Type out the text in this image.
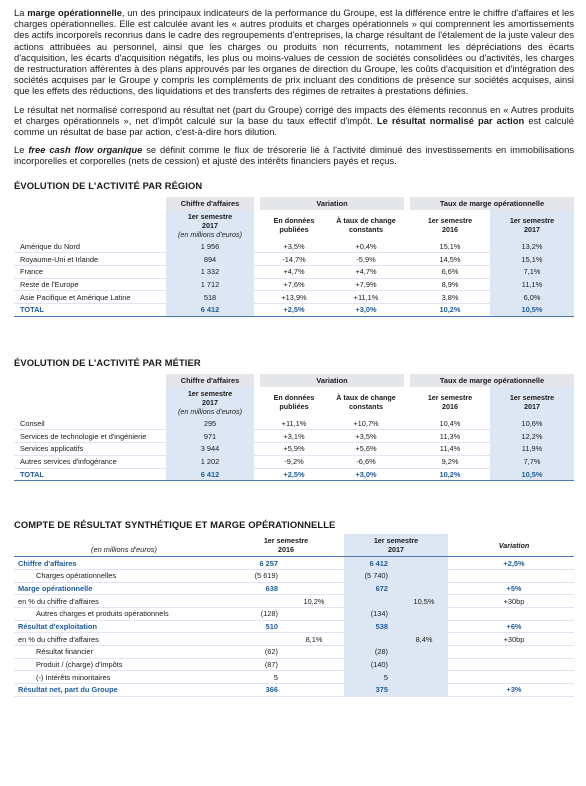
La marge opérationnelle, un des principaux indicateurs de la performance du Groupe, est la différence entre le chiffre d'affaires et les charges opérationnelles. Elle est calculée avant les « autres produits et charges opérationnels » qui comprennent les amortissements des actifs incorporels reconnus dans le cadre des regroupements d'entreprises, la charge résultant de l'étalement de la juste valeur des actions attribuées au personnel, ainsi que les charges ou produits non récurrents, notamment les dépréciations des écarts d'acquisition, les écarts d'acquisition négatifs, les plus ou moins-values de cession de sociétés consolidées ou d'activités, les charges de restructuration afférentes à des plans approuvés par les organes de direction du Groupe, les coûts d'acquisition et d'intégration des sociétés acquises par le Groupe y compris les compléments de prix incluant des conditions de présence sur sociétés acquises, ainsi que les effets des réductions, des liquidations et des transferts des régimes de retraites à prestations définies.

Le résultat net normalisé correspond au résultat net (part du Groupe) corrigé des impacts des éléments reconnus en « Autres produits et charges opérationnels », net d'impôt calculé sur la base du taux effectif d'impôt. Le résultat normalisé par action est calculé comme un résultat de base par action, c'est-à-dire hors dilution.

Le free cash flow organique se définit comme le flux de trésorerie lié à l'activité diminué des investissements en immobilisations incorporelles et corporelles (nets de cession) et ajusté des intérêts financiers payés et reçus.

ÉVOLUTION DE L'ACTIVITÉ PAR RÉGION
	Chiffre d'affaires		Variation			Taux de marge opérationnelle	
	1er semestre
2017
(en millions d'euros)		En données
publiées	À taux de change
constants		1er semestre
2016	1er semestre
2017
Amérique du Nord	1 956		+3,5%	+0,4%		15,1%	13,2%
Royaume-Uni et Irlande	894		-14,7%	-5,9%		14,5%	15,1%
France	1 332		+4,7%	+4,7%		6,6%	7,1%
Reste de l'Europe	1 712		+7,6%	+7,9%		8,9%	11,1%
Asie Pacifique et Amérique Latine	518		+13,9%	+11,1%		3,8%	6,0%
TOTAL	6 412		+2,5%	+3,0%		10,2%	10,5%
ÉVOLUTION DE L'ACTIVITÉ PAR MÉTIER
	Chiffre d'affaires		Variation			Taux de marge opérationnelle	
	1er semestre
2017
(en millions d'euros)		En données
publiées	À taux de change
constants		1er semestre
2016	1er semestre
2017
Conseil	295		+11,1%	+10,7%		10,4%	10,6%
Services de technologie et d'ingénierie	971		+3,1%	+3,5%		11,3%	12,2%
Services applicatifs	3 944		+5,9%	+5,6%		11,4%	11,9%
Autres services d'infogérance	1 202		-9,2%	-6,6%		9,2%	7,7%
TOTAL	6 412		+2,5%	+3,0%		10,2%	10,5%
COMPTE DE RÉSULTAT SYNTHÉTIQUE ET MARGE OPÉRATIONNELLE
(en millions d'euros)	1er semestre
2016			1er semestre
2017			Variation
Chiffre d'affaires	6 257			6 412			+2,5%
Charges opérationnelles	(5 619)			(5 740)			
Marge opérationnelle	638			672			+5%
en % du chiffre d'affaires		10,2%			10,5%		+30bp
Autres charges et produits opérationnels	(128)			(134)			
Résultat d'exploitation	510			538			+6%
en % du chiffre d'affaires		8,1%			8,4%		+30bp
Résultat financier	(62)			(28)			
Produit / (charge) d'impôts	(87)			(140)			
(-) Intérêts minoritaires	5			5			
Résultat net, part du Groupe	366			375			+3%
